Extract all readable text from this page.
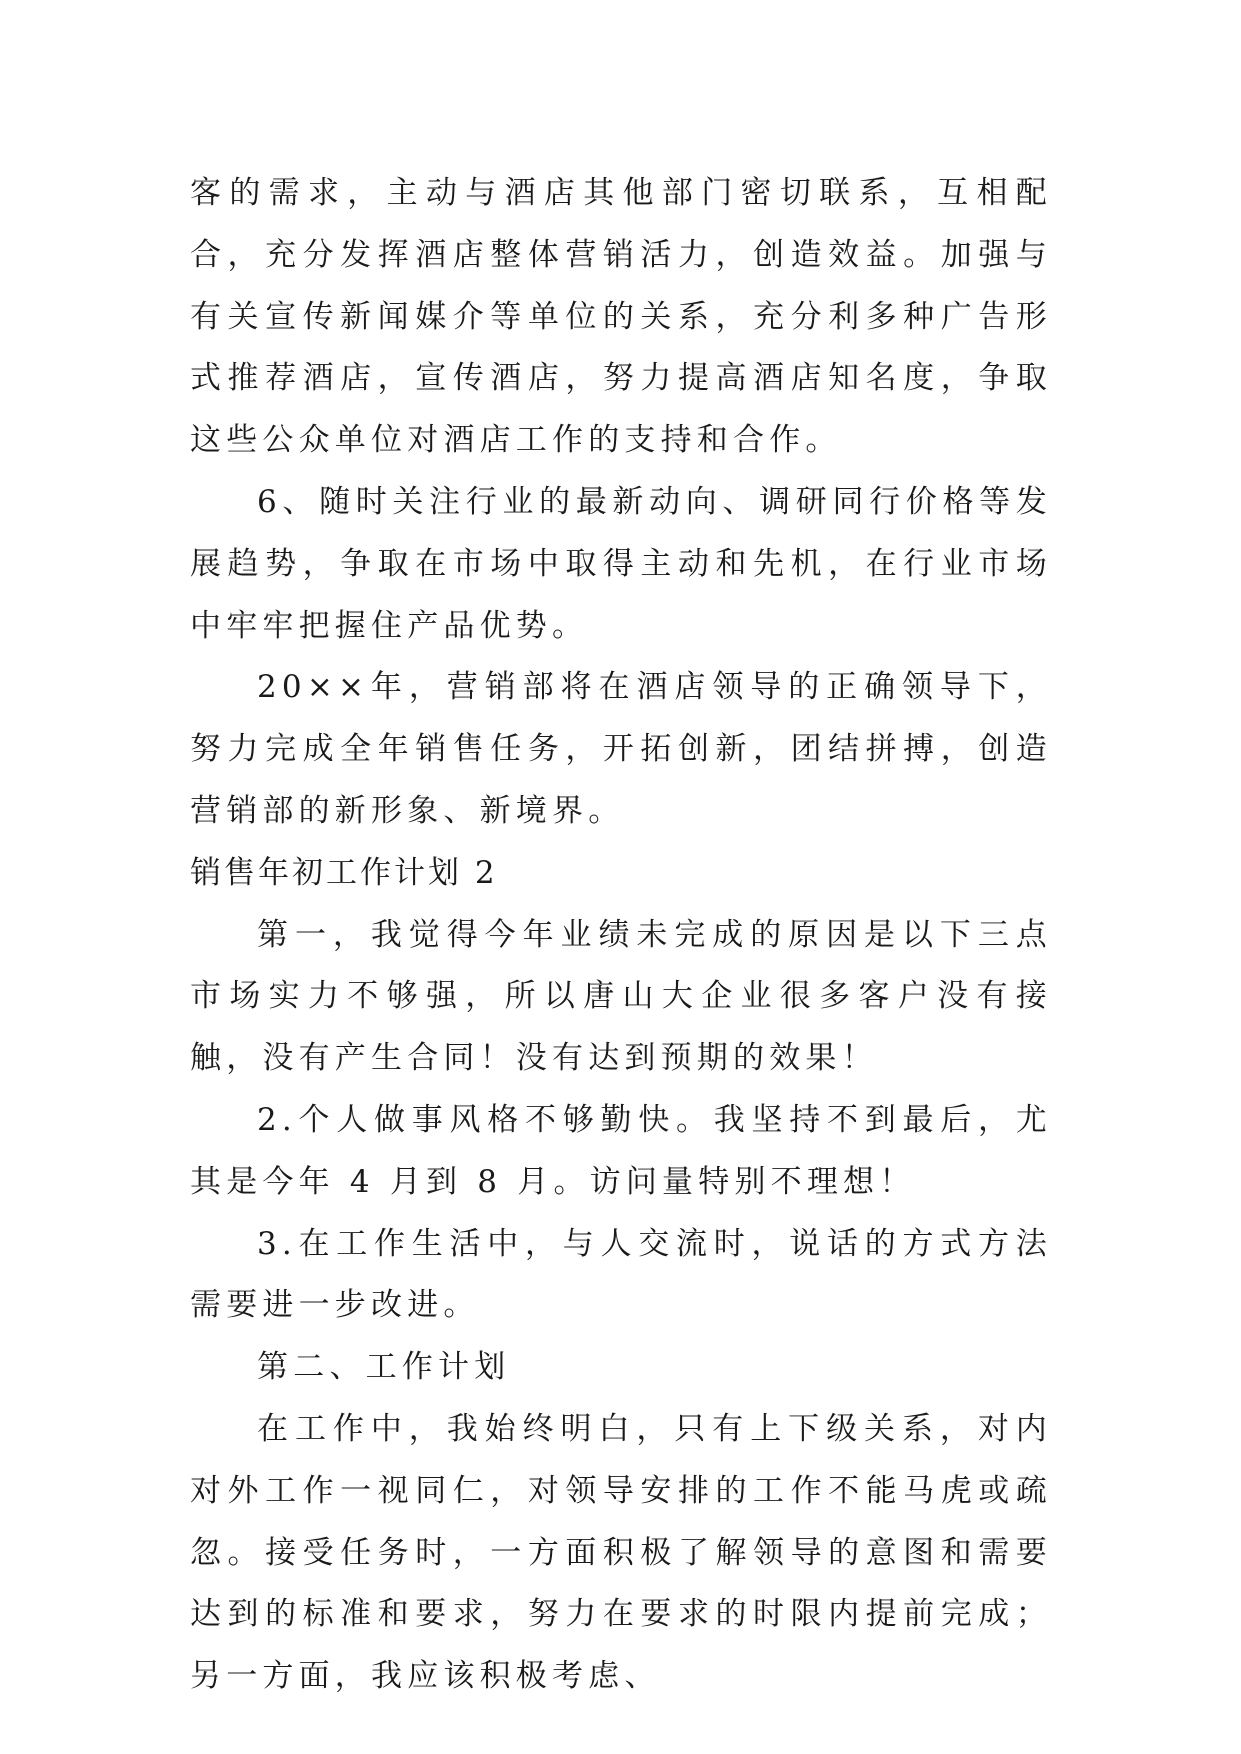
客的需求，主动与酒店其他部门密切联系，互相配合，充分发挥酒店整体营销活力，创造效益。加强与有关宣传新闻媒介等单位的关系，充分利多种广告形式推荐酒店，宣传酒店，努力提高酒店知名度，争取这些公众单位对酒店工作的支持和合作。

6、随时关注行业的最新动向、调研同行价格等发展趋势，争取在市场中取得主动和先机，在行业市场中牢牢把握住产品优势。

20××年，营销部将在酒店领导的正确领导下，努力完成全年销售任务，开拓创新，团结拼搏，创造营销部的新形象、新境界。

销售年初工作计划 2

第一，我觉得今年业绩未完成的原因是以下三点市场实力不够强，所以唐山大企业很多客户没有接触，没有产生合同！没有达到预期的效果！

2.个人做事风格不够勤快。我坚持不到最后，尤其是今年 4 月到 8 月。访问量特别不理想！

3.在工作生活中，与人交流时，说话的方式方法需要进一步改进。

第二、工作计划

在工作中，我始终明白，只有上下级关系，对内对外工作一视同仁，对领导安排的工作不能马虎或疏忽。接受任务时，一方面积极了解领导的意图和需要达到的标准和要求，努力在要求的时限内提前完成；另一方面，我应该积极考虑、
